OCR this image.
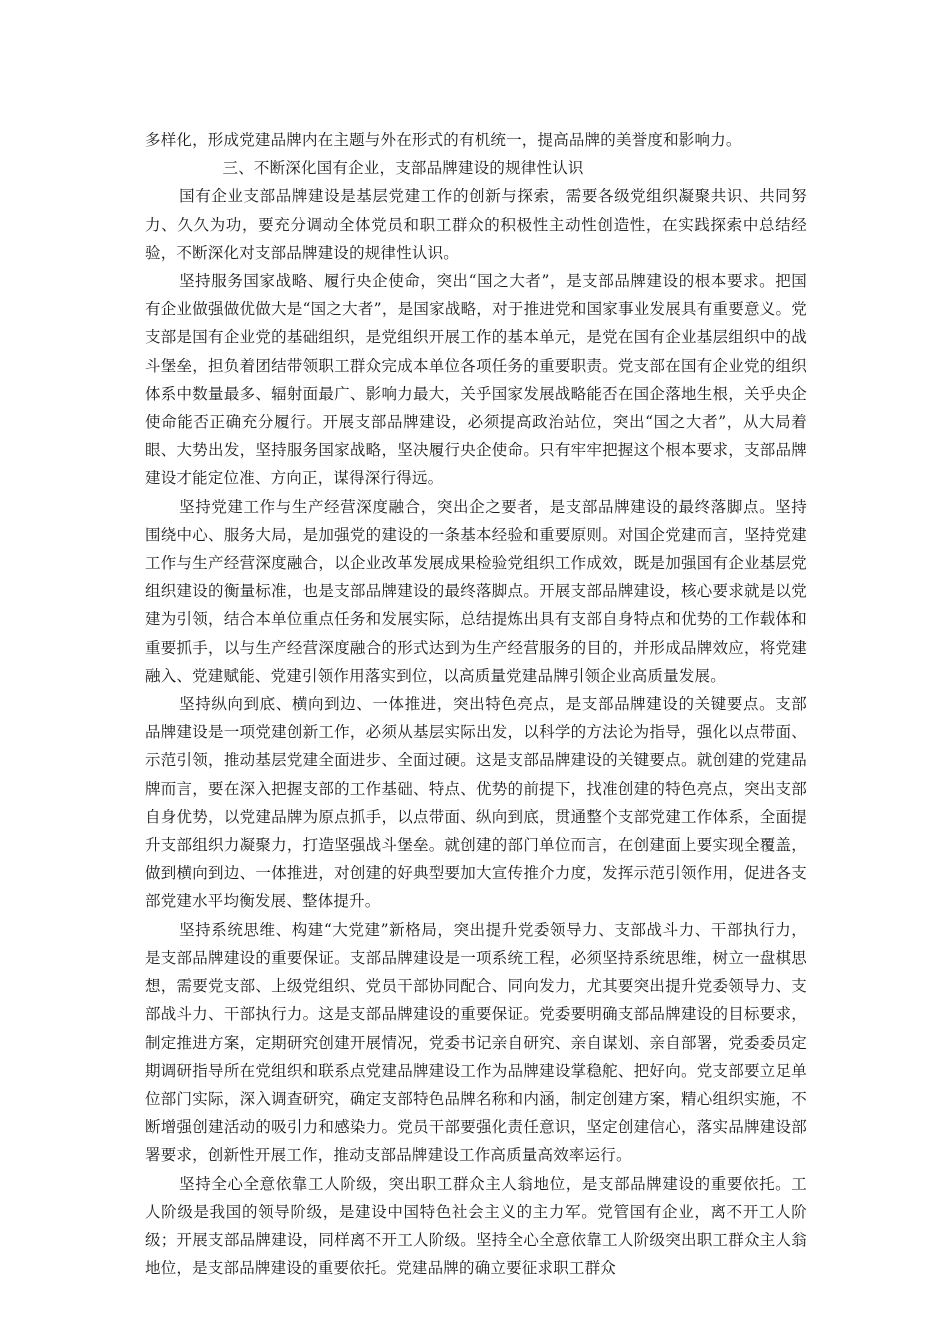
多样化，形成党建品牌内在主题与外在形式的有机统一，提高品牌的美誉度和影响力。

三、不断深化国有企业，支部品牌建设的规律性认识

国有企业支部品牌建设是基层党建工作的创新与探索，需要各级党组织凝聚共识、共同努力、久久为功，要充分调动全体党员和职工群众的积极性主动性创造性，在实践探索中总结经验，不断深化对支部品牌建设的规律性认识。

坚持服务国家战略、履行央企使命，突出“国之大者”，是支部品牌建设的根本要求。把国有企业做强做优做大是“国之大者”，是国家战略，对于推进党和国家事业发展具有重要意义。党支部是国有企业党的基础组织，是党组织开展工作的基本单元，是党在国有企业基层组织中的战斗堡垒，担负着团结带领职工群众完成本单位各项任务的重要职责。党支部在国有企业党的组织体系中数量最多、辐射面最广、影响力最大，关乎国家发展战略能否在国企落地生根，关乎央企使命能否正确充分履行。开展支部品牌建设，必须提高政治站位，突出“国之大者”，从大局着眼、大势出发，坚持服务国家战略，坚决履行央企使命。只有牢牢把握这个根本要求，支部品牌建设才能定位准、方向正，谋得深行得远。

坚持党建工作与生产经营深度融合，突出企之要者，是支部品牌建设的最终落脚点。坚持围绕中心、服务大局，是加强党的建设的一条基本经验和重要原则。对国企党建而言，坚持党建工作与生产经营深度融合，以企业改革发展成果检验党组织工作成效，既是加强国有企业基层党组织建设的衡量标准，也是支部品牌建设的最终落脚点。开展支部品牌建设，核心要求就是以党建为引领，结合本单位重点任务和发展实际，总结提炼出具有支部自身特点和优势的工作载体和重要抓手，以与生产经营深度融合的形式达到为生产经营服务的目的，并形成品牌效应，将党建融入、党建赋能、党建引领作用落实到位，以高质量党建品牌引领企业高质量发展。

坚持纵向到底、横向到边、一体推进，突出特色亮点，是支部品牌建设的关键要点。支部品牌建设是一项党建创新工作，必须从基层实际出发，以科学的方法论为指导，强化以点带面、示范引领，推动基层党建全面进步、全面过硬。这是支部品牌建设的关键要点。就创建的党建品牌而言，要在深入把握支部的工作基础、特点、优势的前提下，找准创建的特色亮点，突出支部自身优势，以党建品牌为原点抓手，以点带面、纵向到底，贯通整个支部党建工作体系，全面提升支部组织力凝聚力，打造坚强战斗堡垒。就创建的部门单位而言，在创建面上要实现全覆盖，做到横向到边、一体推进，对创建的好典型要加大宣传推介力度，发挥示范引领作用，促进各支部党建水平均衡发展、整体提升。

坚持系统思维、构建“大党建”新格局，突出提升党委领导力、支部战斗力、干部执行力，是支部品牌建设的重要保证。支部品牌建设是一项系统工程，必须坚持系统思维，树立一盘棋思想，需要党支部、上级党组织、党员干部协同配合、同向发力，尤其要突出提升党委领导力、支部战斗力、干部执行力。这是支部品牌建设的重要保证。党委要明确支部品牌建设的目标要求，制定推进方案，定期研究创建开展情况，党委书记亲自研究、亲自谋划、亲自部署，党委委员定期调研指导所在党组织和联系点党建品牌建设工作为品牌建设掌稳舵、把好向。党支部要立足单位部门实际，深入调查研究，确定支部特色品牌名称和内涵，制定创建方案，精心组织实施，不断增强创建活动的吸引力和感染力。党员干部要强化责任意识，坚定创建信心，落实品牌建设部署要求，创新性开展工作，推动支部品牌建设工作高质量高效率运行。

坚持全心全意依靠工人阶级，突出职工群众主人翁地位，是支部品牌建设的重要依托。工人阶级是我国的领导阶级，是建设中国特色社会主义的主力军。党管国有企业，离不开工人阶级；开展支部品牌建设，同样离不开工人阶级。坚持全心全意依靠工人阶级突出职工群众主人翁地位，是支部品牌建设的重要依托。党建品牌的确立要征求职工群众
